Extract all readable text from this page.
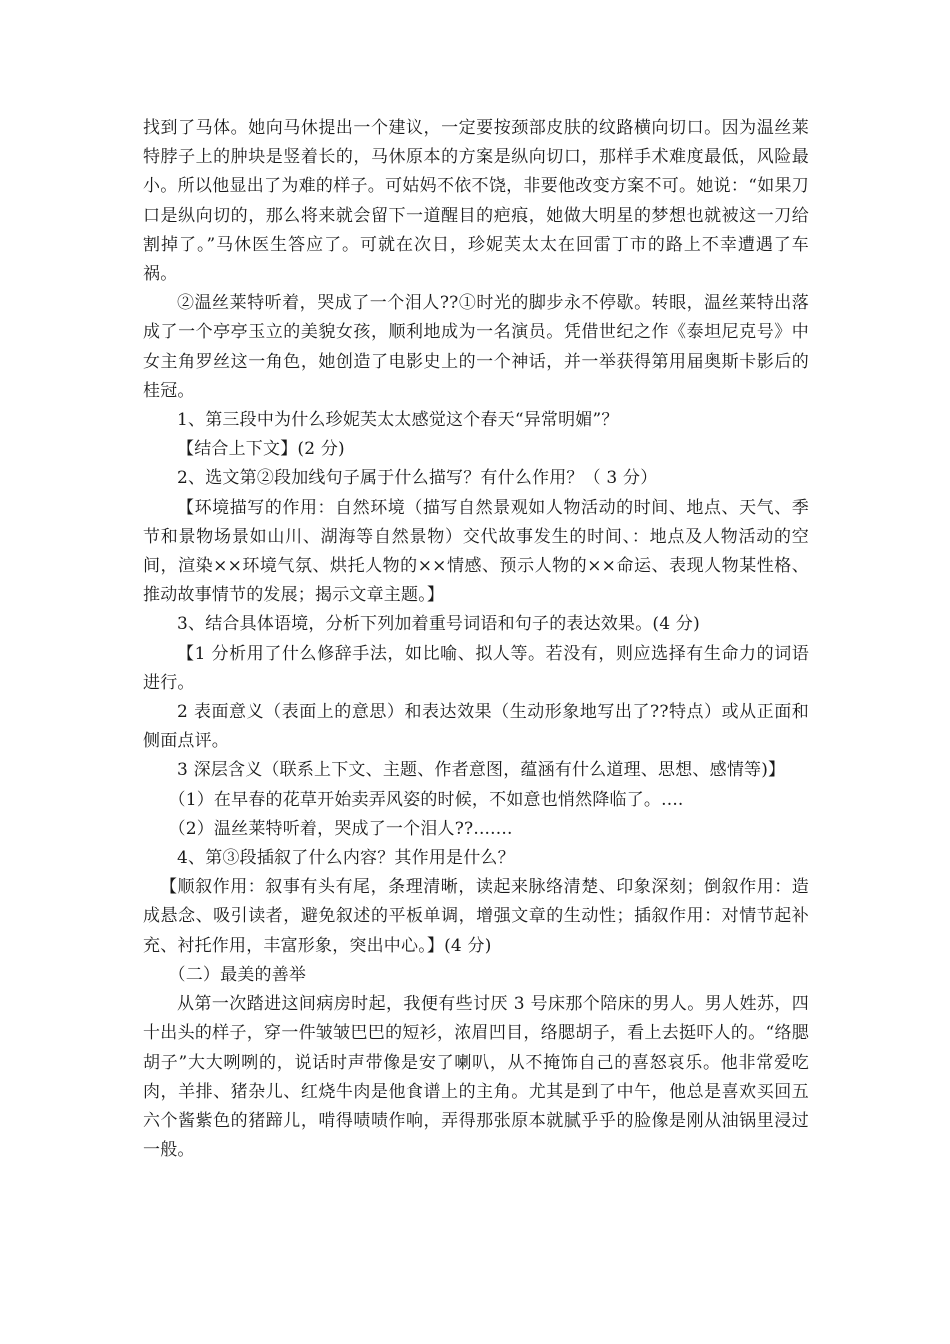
找到了马体。她向马休提出一个建议，一定要按颈部皮肤的纹路横向切口。因为温丝莱特脖子上的肿块是竖着长的，马休原本的方案是纵向切口，那样手术难度最低，风险最小。所以他显出了为难的样子。可姑妈不依不饶，非要他改变方案不可。她说：“如果刀口是纵向切的，那么将来就会留下一道醒目的疤痕，她做大明星的梦想也就被这一刀给割掉了。”马休医生答应了。可就在次日，珍妮芙太太在回雷丁市的路上不幸遭遇了车祸。

②温丝莱特听着，哭成了一个泪人??①时光的脚步永不停歇。转眼，温丝莱特出落成了一个亭亭玉立的美貌女孩，顺利地成为一名演员。凭借世纪之作《泰坦尼克号》中女主角罗丝这一角色，她创造了电影史上的一个神话，并一举获得第用届奥斯卡影后的桂冠。

1、第三段中为什么珍妮芙太太感觉这个春天“异常明媚”？

【结合上下文】(2 分)

2、选文第②段加线句子属于什么描写？有什么作用？（ 3 分）

【环境描写的作用：自然环境（描写自然景观如人物活动的时间、地点、天气、季节和景物场景如山川、湖海等自然景物）交代故事发生的时间、：地点及人物活动的空间，渲染××环境气氛、烘托人物的××情感、预示人物的××命运、表现人物某性格、推动故事情节的发展；揭示文章主题。】

3、结合具体语境，分析下列加着重号词语和句子的表达效果。(4 分)

【1 分析用了什么修辞手法，如比喻、拟人等。若没有，则应选择有生命力的词语进行。

2 表面意义（表面上的意思）和表达效果（生动形象地写出了??特点）或从正面和侧面点评。

3 深层含义（联系上下文、主题、作者意图，蕴涵有什么道理、思想、感情等)】

（1）在早春的花草开始卖弄风姿的时候，不如意也悄然降临了。....

（2）温丝莱特听着，哭成了一个泪人??.......

4、第③段插叙了什么内容？其作用是什么？

【顺叙作用：叙事有头有尾，条理清晰，读起来脉络清楚、印象深刻；倒叙作用：造成悬念、吸引读者，避免叙述的平板单调，增强文章的生动性；插叙作用：对情节起补充、衬托作用，丰富形象，突出中心。】(4 分)

（二）最美的善举

从第一次踏进这间病房时起，我便有些讨厌 3 号床那个陪床的男人。男人姓苏，四十出头的样子，穿一件皱皱巴巴的短衫，浓眉凹目，络腮胡子，看上去挺吓人的。“络腮胡子”大大咧咧的，说话时声带像是安了喇叭，从不掩饰自己的喜怒哀乐。他非常爱吃肉，羊排、猪杂儿、红烧牛肉是他食谱上的主角。尤其是到了中午，他总是喜欢买回五六个酱紫色的猪蹄儿，啃得啧啧作响，弄得那张原本就腻乎乎的脸像是刚从油锅里浸过一般。
